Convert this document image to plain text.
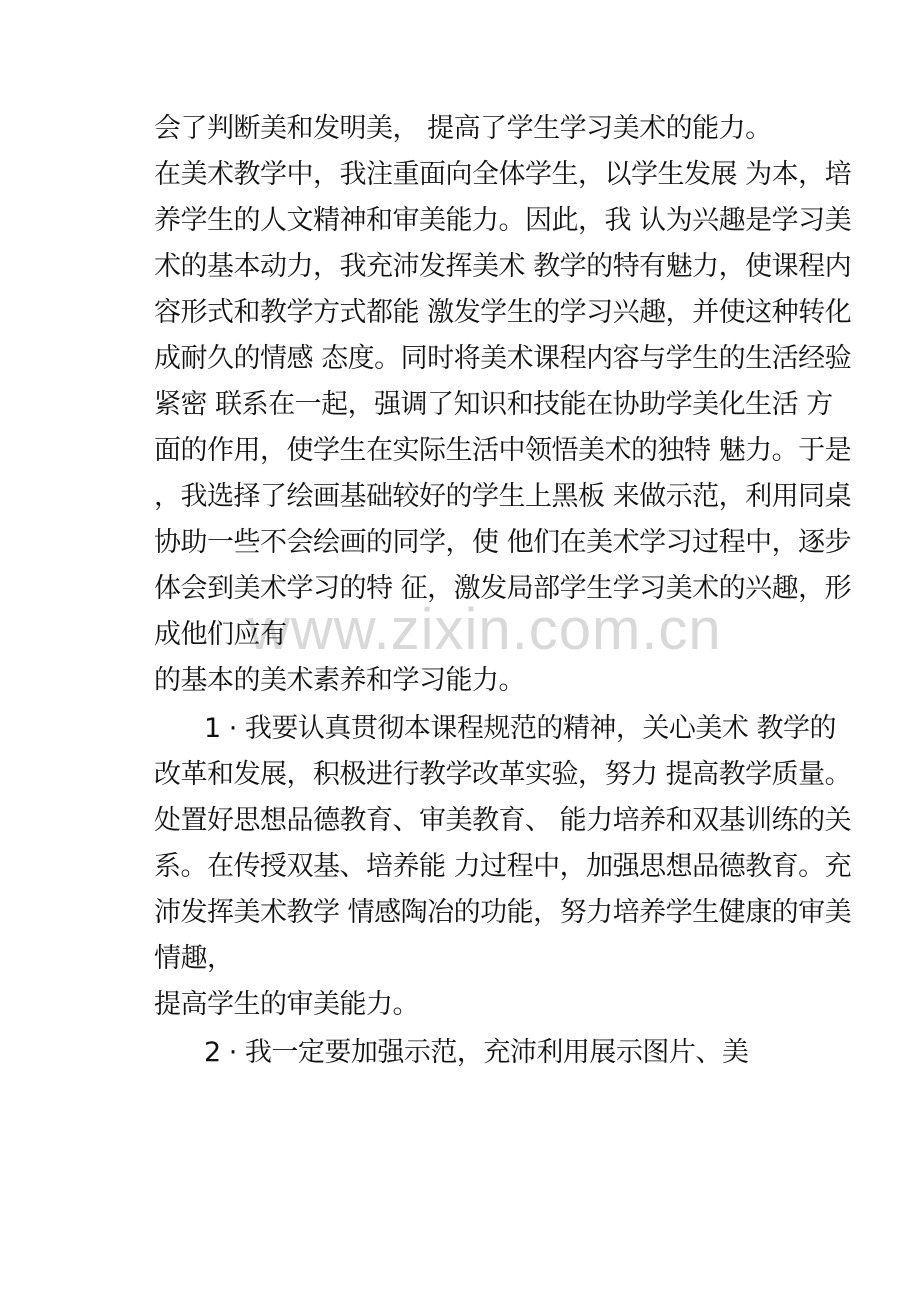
www.zixin.com.cn
会了判断美和发明美， 提高了学生学习美术的能力。
在美术教学中，我注重面向全体学生，以学生发展 为本，培
养学生的人文精神和审美能力。因此，我 认为兴趣是学习美
术的基本动力，我充沛发挥美术 教学的特有魅力，使课程内
容形式和教学方式都能 激发学生的学习兴趣，并使这种转化
成耐久的情感 态度。同时将美术课程内容与学生的生活经验
紧密 联系在一起，强调了知识和技能在协助学美化生活 方
面的作用，使学生在实际生活中领悟美术的独特 魅力。于是
，我选择了绘画基础较好的学生上黑板 来做示范，利用同桌
协助一些不会绘画的同学，使 他们在美术学习过程中，逐步
体会到美术学习的特 征，激发局部学生学习美术的兴趣，形
成他们应有
的基本的美术素养和学习能力。
1 · 我要认真贯彻本课程规范的精神，关心美术 教学的
改革和发展，积极进行教学改革实验，努力 提高教学质量。
处置好思想品德教育、审美教育、 能力培养和双基训练的关
系。在传授双基、培养能 力过程中，加强思想品德教育。充
沛发挥美术教学 情感陶冶的功能，努力培养学生健康的审美
情趣，
提高学生的审美能力。
2 · 我一定要加强示范，充沛利用展示图片、美
